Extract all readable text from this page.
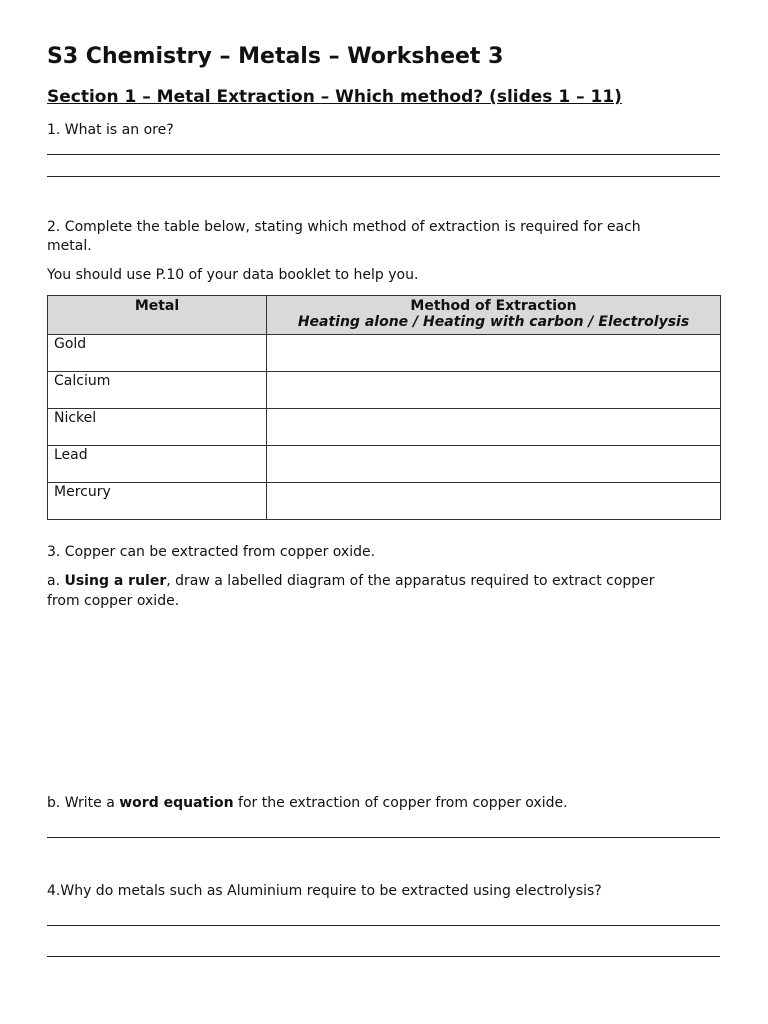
S3 Chemistry – Metals – Worksheet 3
Section 1 – Metal Extraction – Which method? (slides 1 – 11)
1. What is an ore?
2. Complete the table below, stating which method of extraction is required for each
metal.
You should use P.10 of your data booklet to help you.
Metal	Method of Extraction
Heating alone / Heating with carbon / Electrolysis

Gold	
Calcium	
Nickel	
Lead	
Mercury	
3. Copper can be extracted from copper oxide.
a. Using a ruler, draw a labelled diagram of the apparatus required to extract copper
from copper oxide.
b. Write a word equation for the extraction of copper from copper oxide.
4.Why do metals such as Aluminium require to be extracted using electrolysis?
